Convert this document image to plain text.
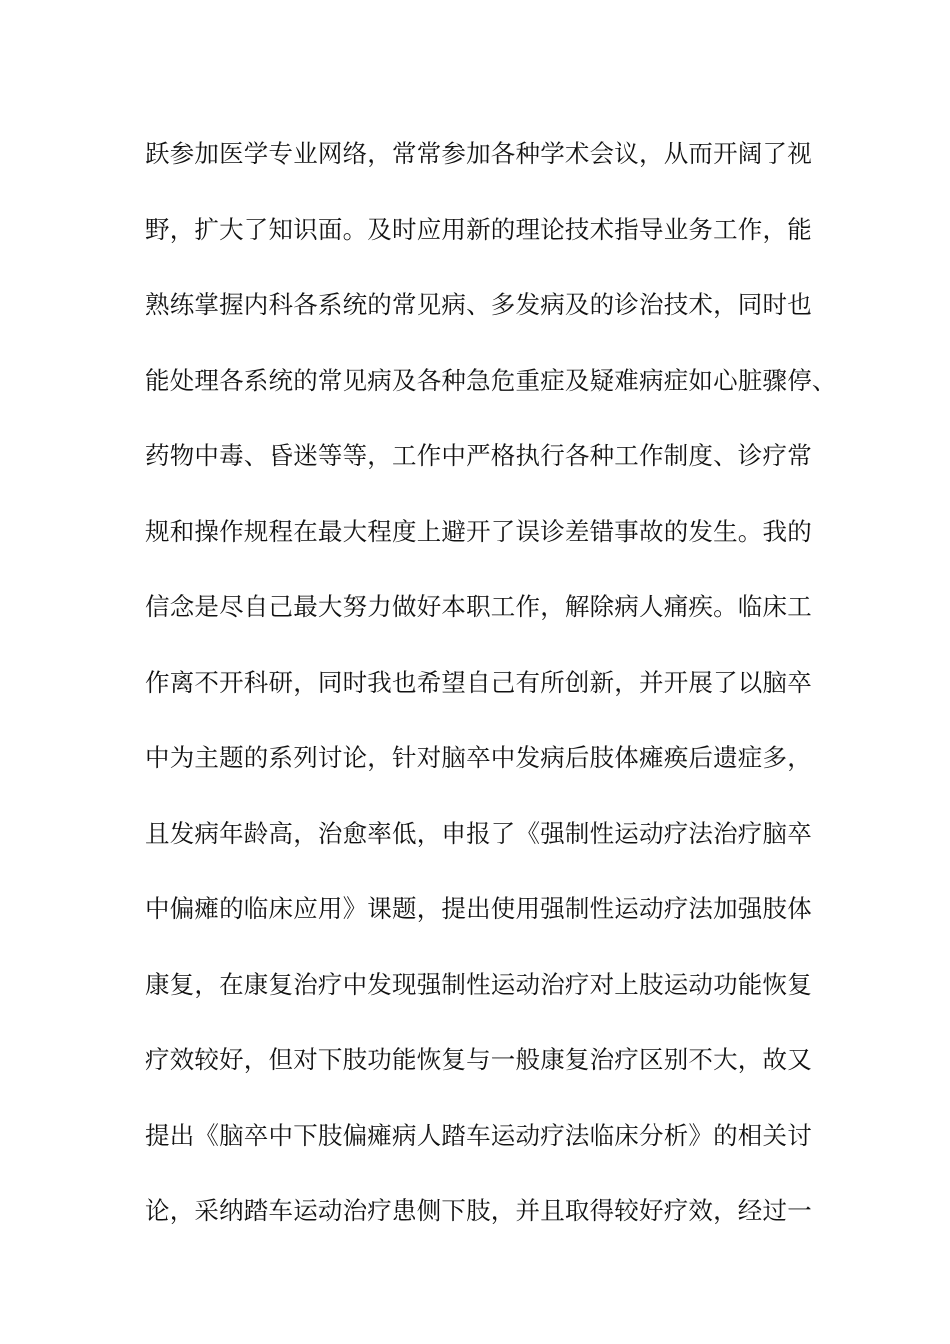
跃参加医学专业网络，常常参加各种学术会议，从而开阔了视
野，扩大了知识面。及时应用新的理论技术指导业务工作，能
熟练掌握内科各系统的常见病、多发病及的诊治技术，同时也
能处理各系统的常见病及各种急危重症及疑难病症如心脏骤停、
药物中毒、昏迷等等，工作中严格执行各种工作制度、诊疗常
规和操作规程在最大程度上避开了误诊差错事故的发生。我的
信念是尽自己最大努力做好本职工作，解除病人痛疾。临床工
作离不开科研，同时我也希望自己有所创新，并开展了以脑卒
中为主题的系列讨论，针对脑卒中发病后肢体瘫痪后遗症多，
且发病年龄高，治愈率低，申报了《强制性运动疗法治疗脑卒
中偏瘫的临床应用》课题，提出使用强制性运动疗法加强肢体
康复，在康复治疗中发现强制性运动治疗对上肢运动功能恢复
疗效较好，但对下肢功能恢复与一般康复治疗区别不大，故又
提出《脑卒中下肢偏瘫病人踏车运动疗法临床分析》的相关讨
论，采纳踏车运动治疗患侧下肢，并且取得较好疗效，经过一
